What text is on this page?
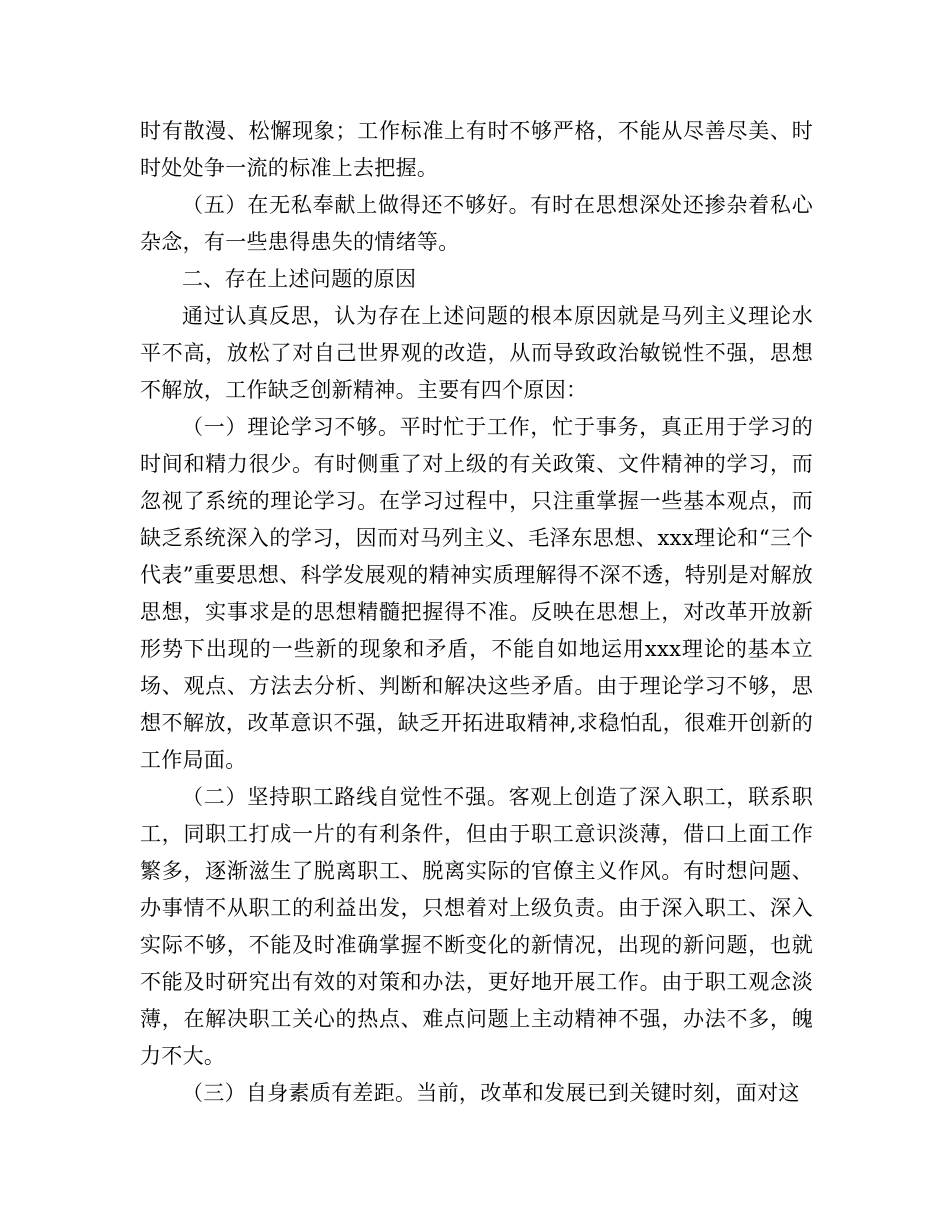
时有散漫、松懈现象；工作标准上有时不够严格，不能从尽善尽美、时时处处争一流的标准上去把握。

（五）在无私奉献上做得还不够好。有时在思想深处还掺杂着私心杂念，有一些患得患失的情绪等。

二、存在上述问题的原因

通过认真反思，认为存在上述问题的根本原因就是马列主义理论水平不高，放松了对自己世界观的改造，从而导致政治敏锐性不强，思想不解放，工作缺乏创新精神。主要有四个原因：

（一）理论学习不够。平时忙于工作，忙于事务，真正用于学习的时间和精力很少。有时侧重了对上级的有关政策、文件精神的学习，而忽视了系统的理论学习。在学习过程中，只注重掌握一些基本观点，而缺乏系统深入的学习，因而对马列主义、毛泽东思想、xxx理论和“三个代表”重要思想、科学发展观的精神实质理解得不深不透，特别是对解放思想，实事求是的思想精髓把握得不准。反映在思想上，对改革开放新形势下出现的一些新的现象和矛盾，不能自如地运用xxx理论的基本立场、观点、方法去分析、判断和解决这些矛盾。由于理论学习不够，思想不解放，改革意识不强，缺乏开拓进取精神,求稳怕乱，很难开创新的工作局面。

（二）坚持职工路线自觉性不强。客观上创造了深入职工，联系职工，同职工打成一片的有利条件，但由于职工意识淡薄，借口上面工作繁多，逐渐滋生了脱离职工、脱离实际的官僚主义作风。有时想问题、办事情不从职工的利益出发，只想着对上级负责。由于深入职工、深入实际不够，不能及时准确掌握不断变化的新情况，出现的新问题，也就不能及时研究出有效的对策和办法，更好地开展工作。由于职工观念淡薄，在解决职工关心的热点、难点问题上主动精神不强，办法不多，魄力不大。

（三）自身素质有差距。当前，改革和发展已到关键时刻，面对这
